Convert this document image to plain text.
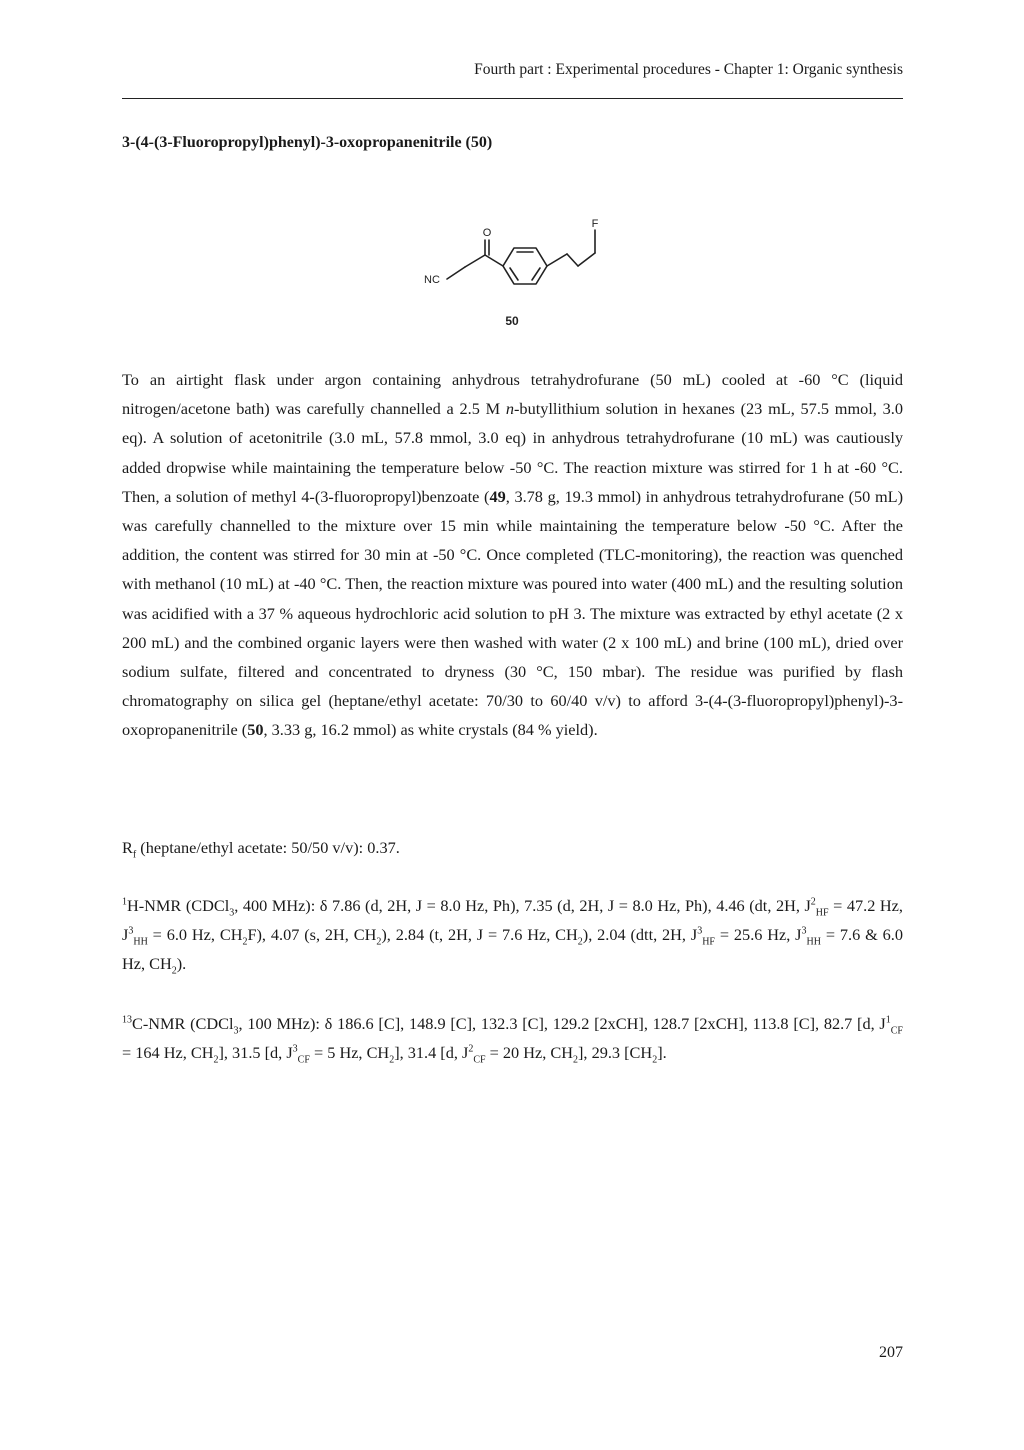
Fourth part : Experimental procedures - Chapter 1: Organic synthesis
3-(4-(3-Fluoropropyl)phenyl)-3-oxopropanenitrile (50)
O
F
NC
50

To an airtight flask under argon containing anhydrous tetrahydrofurane (50 mL) cooled at -60 °C (liquid nitrogen/acetone bath) was carefully channelled a 2.5 M n-butyllithium solution in hexanes (23 mL, 57.5 mmol, 3.0 eq). A solution of acetonitrile (3.0 mL, 57.8 mmol, 3.0 eq) in anhydrous tetrahydrofurane (10 mL) was cautiously added dropwise while maintaining the temperature below -50 °C. The reaction mixture was stirred for 1 h at -60 °C. Then, a solution of methyl 4-(3-fluoropropyl)benzoate (49, 3.78 g, 19.3 mmol) in anhydrous tetrahydrofurane (50 mL) was carefully channelled to the mixture over 15 min while maintaining the temperature below -50 °C. After the addition, the content was stirred for 30 min at -50 °C. Once completed (TLC-monitoring), the reaction was quenched with methanol (10 mL) at -40 °C. Then, the reaction mixture was poured into water (400 mL) and the resulting solution was acidified with a 37 % aqueous hydrochloric acid solution to pH 3. The mixture was extracted by ethyl acetate (2 x 200 mL) and the combined organic layers were then washed with water (2 x 100 mL) and brine (100 mL), dried over sodium sulfate, filtered and concentrated to dryness (30 °C, 150 mbar). The residue was purified by flash chromatography on silica gel (heptane/ethyl acetate: 70/30 to 60/40 v/v) to afford 3-(4-(3-fluoropropyl)phenyl)-3-oxopropanenitrile (50, 3.33 g, 16.2 mmol) as white crystals (84 % yield).

$R_f$ (heptane/ethyl acetate: 50/50 v/v): 0.37.

$^1$H-NMR (CDCl$_3$, 400 MHz): δ 7.86 (d, 2H, J = 8.0 Hz, Ph), 7.35 (d, 2H, J = 8.0 Hz, Ph), 4.46 (dt, 2H, $J^2_{HF} = 47.2$ Hz, $J^3_{HH} = 6.0$ Hz, $CH_2F$), 4.07 (s, 2H, $CH_2$), 2.84 (t, 2H, J = 7.6 Hz, $CH_2$), 2.04 (dtt, 2H, $J^3_{HF} = 25.6$ Hz, $J^3_{HH} = 7.6$ & 6.0 Hz, $CH_2$).

$^{13}$C-NMR (CDCl$_3$, 100 MHz): δ 186.6 [C], 148.9 [C], 132.3 [C], 129.2 [2xCH], 128.7 [2xCH], 113.8 [C], 82.7 [d, $J^1_{CF} = 164$ Hz, $CH_2$], 31.5 [d, $J^3_{CF} = 5$ Hz, $CH_2$], 31.4 [d, $J^2_{CF} = 20$ Hz, $CH_2$], 29.3 $[CH_2]$.

207
